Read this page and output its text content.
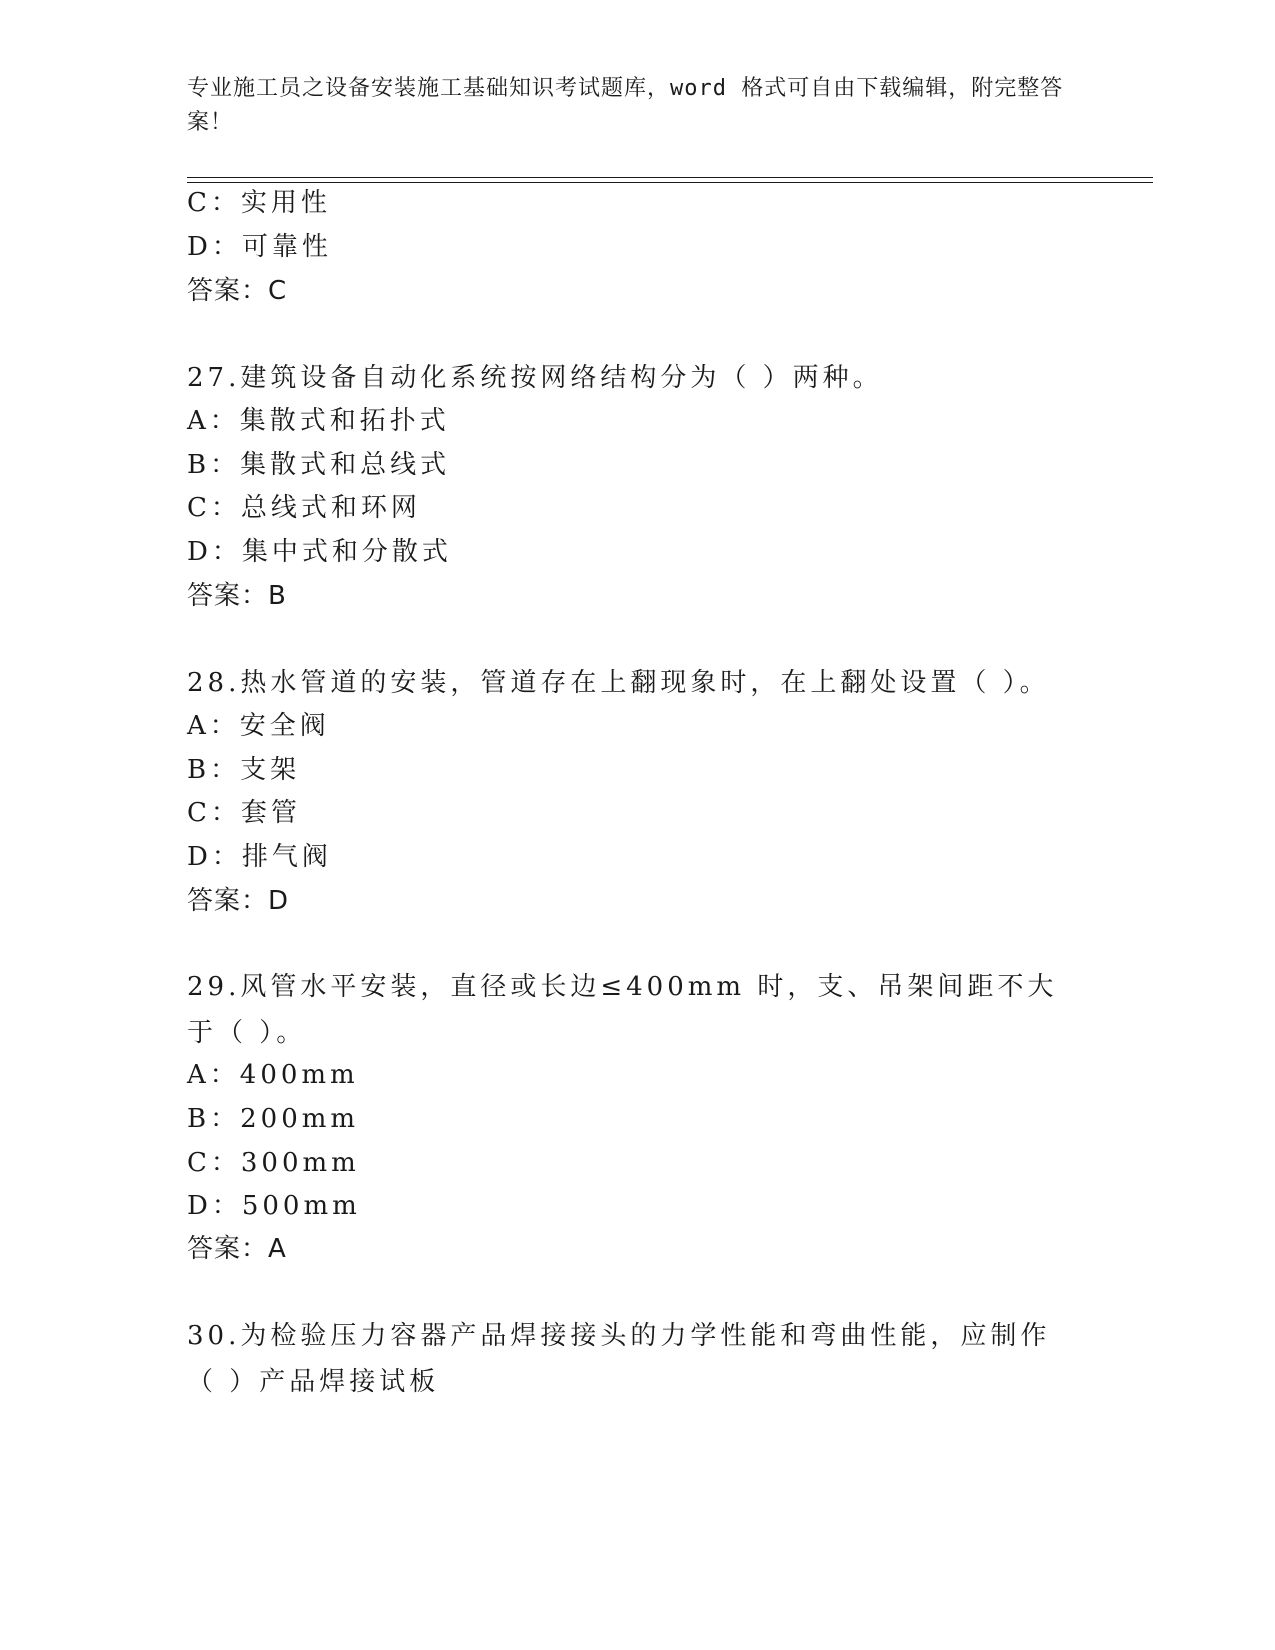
专业施工员之设备安装施工基础知识考试题库，word 格式可自由下载编辑，附完整答案！
C：实用性
D：可靠性
答案：C
27.建筑设备自动化系统按网络结构分为（ ）两种。
A：集散式和拓扑式
B：集散式和总线式
C：总线式和环网
D：集中式和分散式
答案：B
28.热水管道的安装，管道存在上翻现象时，在上翻处设置（ ）。
A：安全阀
B：支架
C：套管
D：排气阀
答案：D
29.风管水平安装，直径或长边≤400mm 时，支、吊架间距不大于（ ）。
A：400mm
B：200mm
C：300mm
D：500mm
答案：A
30.为检验压力容器产品焊接接头的力学性能和弯曲性能，应制作（ ）产品焊接试板
